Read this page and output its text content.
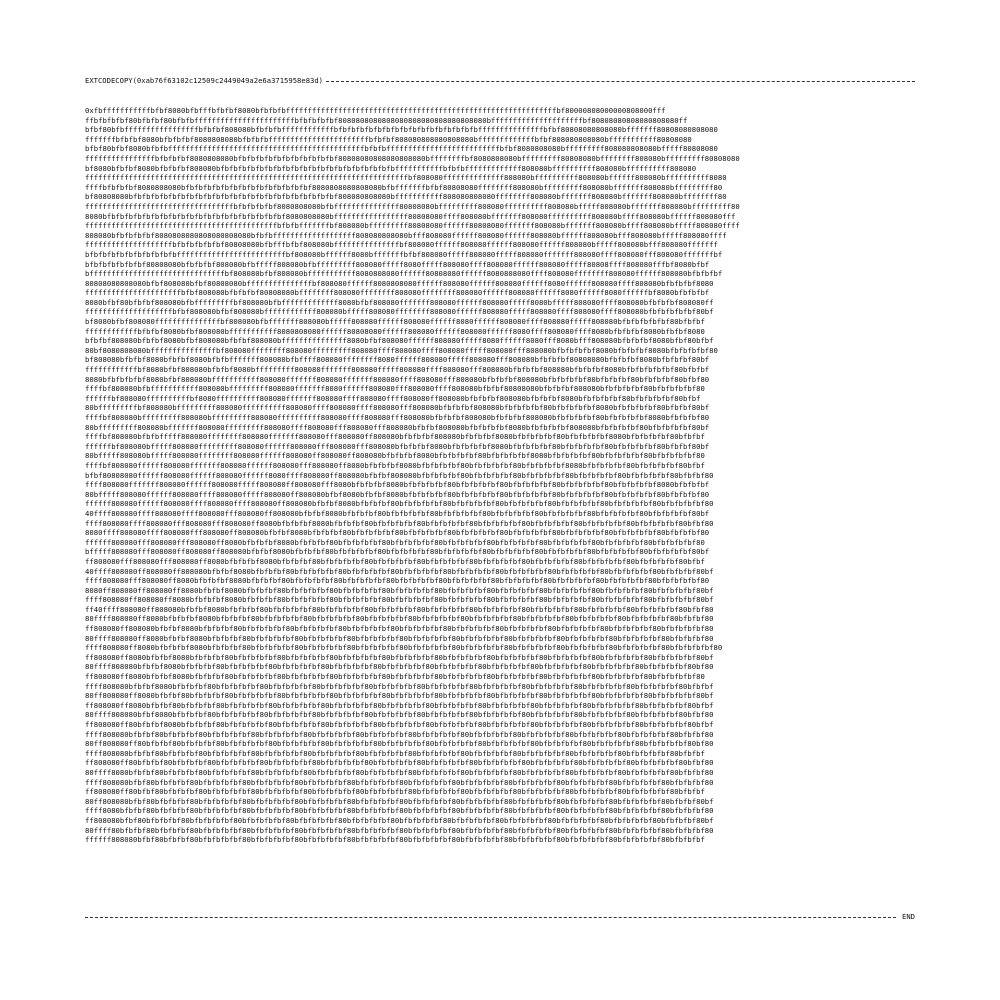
EXTCODECOPY(0xab76f63102c12509c2449049a2e6a3715958e83d)
0xfbfffffffffffbfbf8080bfbfffbfbfbf8080bfbfbfbffffffffffffffffffffffffffffffffffffffffffffffffffffffffffffffbf80000808000000808000fff
ffbfbfbfbf80bfbfbf80bfbfbfffffffffffffffffffffffbfbfbfbfbf8080808080808080808080808080808080bfffffffffffffffffffffbf80808080808080808080ff
bfbf80bfbfffffffffffffffffbfbfbf808080bfbfbfbffffffffffffbfbfbfbfbfbfbfbfbfbfbfbfbfbfbfbfbfffffffffffffffbfbf80808080808080bfffffff80808080808080
fffffffbfbfbf8080bfbfbfbf8080808080bfbfbfbfffffffffffffffffffffffbfbfbf808080808080808080bfffffffffffffbfbf808080808080bfffffffffff80808080
bfbf80bfbf8080bfbfbfffffffffffffffffffffffffffffffffffffffffffffbfbfbffffffffffffffffffffffffffbfbf8080808080bfffffffff808080808080bfffff80808080
ffffffffffffffffbfbfbfbf8080808080bfbfbfbfbfbfbfbfbfbfbfbf80808080808080808080bffffffffbf8080808080bfffffffff80808080bffffffff808080bfffffffff80808080
bf8080bfbfbf8080bfbfbfbf808080bfbfbfbfbfbfbfbfbfbfbfbfbfbfbfbfbfbfbfbfbfffffffffffbfbfbfffffffffffff808080bffffffffff808080bffffffffff808080
ffffffffffffffffffffffffffffffffffffffffffffffffffffffffffffffffffffffffffbf808080ffffffffffffff808080bffffffffff808080bffffff808080bffffffffff8080
ffffbfbfbfbf8080808080bfbfbfbfbfbfbfbfbfbfbfbfbfbfbf8080808080808080bfbfffffffbfbf80808080ffffffff808080bfffffffff808080bfffffff808080bfffffffff80
bf80808080bfbfbfbfbfbfbfbfbfbfbfbfbfbfbfbfbfbfbfbfbfbfbfbf808080808080bfffffffffff808080808080ffffffff808080bfffffff808080bfffffff808080bffffffff80
ffffffffffffffffffffffffffffffffffbfbfbfbfbf8080808080bfbfffffffffffffff80808080bfffffffff808080ffffffffff808080bfffff808080bfffffff808080bfffffffff80
8080bfbfbfbfbfbfbfbfbfbfbfbfbfbfbfbfbfbfbfbfbf8080808080bfffffffffffffffff80808080ffff808080bfffffff808080ffffffffff808080bffff808080bffffff808080fff
ffffffffffffffffffffffffffffffffffffffffffffbfbfbfffffffbf808080bfffffffff80808080ffffff80808080fffffff808080bfffffff808080bffff808080bfffff808080ffff
808080bfbfbfbfbf8080808080808080808080bfbfbfffffffffffffffffff808080808080bfff808080ffffff808080ffffff808080bffffff808080bfff808080bfffff808080ffff
ffffffffffffffffffffbfbfbfbfbfbf80808080bfbfffbfbf808080bfffffffffffffffbf808080ffffff808080ffffff808080ffffff808080bfffff808080bfff808080fffffff
bfbfbfbfbfbfbfbfbfbfbfffffffffffffffffffffffffbf808080bffffff8080bfffffffbfbf808080fffff808080fffff808080fffffff808080ffff808080fff808080fffffffbf
bfbfbfbfbfbfbf80808080bfbfbfbf808080bfbfffff808080bfbfffffffff808080fffff8080fffff808080ffff808080ffffff808080fffff80808ffff808080fffbf8080bfbf
bfffffffffffffffffffffffffffffffbf808080bfbf808080bfffffffffff8080808080ffffff80808080ffffff8080808080ffff808080ffffffff808080ffffff808080bfbfbfbf
80808080808080bfbf808080bfbf80808080bfffffffffffffffbf808080ffffff8080808080ffffff808080ffffff808080ffffff8080ffffff808080ffff808080bfbfbfbf8080
ffffffffffffffffffffffbfbf808080bfbfbfbf80808080bffffffff808080ffffffff808080ffffffff808080ffffff808080ffffff8080ffffff8080ffffffbf8080bfbfbfbf
8080bfbf80bfbfbf808080bfbfffffffffbf808080bfbfffffffffffff8080bfbf808080fffffff808080ffffff808080fffff8080bfffff808080ffff808080bfbfbfbf808080ff
ffffffffffffffffffffbfbf808080bfbf808080bffffffffffff808080bfffff808080ffffffff808080ffffff808080fffff808080ffff808080ffff808080bfbfbfbfbfbf80bf
bf8080bfbf808080fffffffffffffffbf808080bfbfffffff808080bfffff808080ffffff808080ffffff8080ffffff808080ffff808080fffff808080bfbfbfbfbfbf80bfbfbf
ffffffffffffbfbfbf8080bfbf808080bfffffffffff8080808080ffffff80808080ffffff808080ffffff808080ffffff8080ffff808080ffff8080bfbfbfbf8080bfbfbf8080
bfbfbf808080bfbfbf8080bfbf808080bfbfbf808080bfffffffffffffff8080bfbf808080ffffff808080fffff8080ffffff8080fff8080bfff808080bfbfbfbf8080bfbf80bfbf
80bf8080808080bfffffffffffffffbf808080ffffffff808080fffffffff808080ffff808080ffff808080fffff808080fff808080bfbfbfbfbf8080bfbfbfbf8080bfbfbfbfbf80
bf808080bfbfbf8080bfbfbf8080bfbfbfffffff808080bfbffff808080ffffffff8080ffffff808080fffff808080fff808080bfbfbfbf80808080bfbfbfbf8080bfbfbfbf80bf
ffffffffffffbf8080bfbf808080bfbfbf8080bfffffffff808080fffffff808080fffff808080ffff808080fff808080bfbfbfbf808080bfbfbfbf8080bfbfbfbfbfbf80bfbfbf
8080bfbfbfbfbf8080bfbf808080bfffffffffff808080fffffff808080fffffff808080ffff808080fff808080bfbfbfbf808080bfbfbfbfbf80bfbfbfbf80bfbfbfbf80bfbf80
ffffbf808080bfbfffffffffff808080bfffffffff808080fffffff8080ffffff808080fff808080ffff808080bfbfbf80808080bfbfbfbf808080bfbfbfbfbf80bfbfbfbfbf80
ffffffbf808080ffffffffffbf8080ffffffffff808080fffffff808080ffff808080ffff808080ff808080bfbfbfbf808080bfbfbfbf8080bfbfbfbfbf80bfbfbfbfbf80bfbf
80bfffffffffbf808080bfffffffff808080ffffffffff808080ffff808080ffff808080fff808080bfbfbfbf808080bfbfbfbfbf80bfbfbfbfbf8080bfbfbfbfbf80bfbfbf80bf
ffffbf808080bfffffffff808080bfffffffff808080ffffffffff808080ffff808080fff808080bfbfbfbf808080bfbfbfbf808080bfbfbfbfbf80bfbfbfbfbf8080bfbfbfbf80
80bfffffffff808080bfffffff808080fffffffff808080ffff808080fff808080fff808080bfbfbf808080bfbfbfbfbf8080bfbfbfbfbf808080bfbfbfbfbf80bfbfbfbfbf80bf
ffffbf808080bfbfbfffff808080ffffffff808080fffffff808080fff808080ff808080bfbfbfbf808080bfbfbfbf8080bfbfbfbfbf80bfbfbfbfbf8080bfbfbfbfbf80bfbfbf
ffffffbf808080bfffff808080fffffffff808080ffffff808080fff808080fff808080bfbfbfbf8080bfbfbfbfbf8080bfbfbfbfbf80bfbfbfbfbf80bfbfbfbfbf80bfbfbf80bf
80bfffff808080bfffff808080ffffffff808080ffffff808080ff808080ff808080bfbfbfbf8080bfbfbfbfbf80bfbfbfbfbf8080bfbfbfbfbf80bfbfbfbfbf80bfbfbfbfbf80
ffffbf808080ffffff808080fffffff808080ffffff808080fff808080ff8080bfbfbfbf8080bfbfbfbfbf80bfbfbfbfbf80bfbfbfbfbf8080bfbfbfbfbf80bfbfbfbfbf80bfbf
bfbf80808080ffffff808080ffffff808080ffffff8080ffff808080ff808080bfbfbf808080bfbfbfbfbf80bfbfbfbfbf80bfbfbfbfbf80bfbfbfbfbf80bfbfbfbfbf80bfbfbf80
ffff808080fffffff808080ffffff808080fffff808080ff808080fff8080bfbfbfbf8080bfbfbfbfbf80bfbfbfbfbf80bfbfbfbfbf80bfbfbfbfbf80bfbfbfbfbf8080bfbfbfbf
80bfffff808080ffffff808080ffff808080fffff808080ff808080bfbf8080bfbfbf8080bfbfbfbfbf80bfbfbfbfbf80bfbfbfbfbf80bfbfbfbfbf80bfbfbfbfbf80bfbfbfbf80
ffffff808080ffffff808080ffff808080ffff808080ff808080bfbfbf8080bfbfbfbf80bfbfbfbfbf80bfbfbfbfbf80bfbfbfbfbf80bfbfbfbfbf80bfbfbfbfbf80bfbfbfbfbf80
40ffff808080ffff808080ffff808080fff808080ff808080bfbfbf8080bfbfbfbf80bfbfbfbfbf80bfbfbfbfbf80bfbfbfbfbf80bfbfbfbfbf80bfbfbfbfbf80bfbfbfbfbf80bf
ffff808080ffff808080fff808080fff808080ff8080bfbfbfbf8080bfbfbfbf80bfbfbfbfbf80bfbfbfbfbf80bfbfbfbfbf80bfbfbfbfbf80bfbfbfbfbf80bfbfbfbfbf80bfbf80
8080ffff808080ffff808080fff808080ff808080bfbfbf8080bfbfbfbf80bfbfbfbfbf80bfbfbfbfbf80bfbfbfbfbf80bfbfbfbfbf80bfbfbfbfbf80bfbfbfbfbf80bfbfbfbf80
ffffff808080fff808080fff808080ff8080bfbfbfbf8080bfbfbfbf80bfbfbfbfbf80bfbfbfbfbf80bfbfbfbfbf80bfbfbfbfbf80bfbfbfbfbf80bfbfbfbfbf80bfbfbfbfbf80
bfffff808080fff808080ff808080ff808080bfbfbf8080bfbfbfbf80bfbfbfbfbf80bfbfbfbfbf80bfbfbfbfbf80bfbfbfbfbf80bfbfbfbfbf80bfbfbfbfbf80bfbfbfbfbf80bf
ff808080fff808080fff808080ff8080bfbfbfbf8080bfbfbfbf80bfbfbfbfbf80bfbfbfbfbf80bfbfbfbfbf80bfbfbfbfbf80bfbfbfbfbf80bfbfbfbfbf80bfbfbfbfbf80bfbf
40ffff808080ff808080ff808080bfbfbf8080bfbfbfbf80bfbfbfbfbf80bfbfbfbfbf80bfbfbfbfbf80bfbfbfbfbf80bfbfbfbfbf80bfbfbfbfbf80bfbfbfbfbf80bfbfbfbf80bf
ffff808080fff808080ff8080bfbfbfbf8080bfbfbfbf80bfbfbfbfbf80bfbfbfbfbf80bfbfbfbfbf80bfbfbfbfbf80bfbfbfbfbf80bfbfbfbfbf80bfbfbfbfbf80bfbfbfbfbf80
8080ff808080ff808080ff8080bfbfbf8080bfbfbfbf80bfbfbfbfbf80bfbfbfbfbf80bfbfbfbfbf80bfbfbfbfbf80bfbfbfbfbf80bfbfbfbfbf80bfbfbfbfbf80bfbfbfbfbf80bf
ffff808080ff808080ff8080bfbfbfbf8080bfbfbfbf80bfbfbfbfbf80bfbfbfbfbf80bfbfbfbfbf80bfbfbfbfbf80bfbfbfbfbf80bfbfbfbfbf80bfbfbfbfbf80bfbfbfbfbf80bf
ff40ffff808080ff808080bfbfbf8080bfbfbfbf80bfbfbfbfbf80bfbfbfbfbf80bfbfbfbfbf80bfbfbfbfbf80bfbfbfbfbf80bfbfbfbfbf80bfbfbfbfbf80bfbfbfbfbf80bfbf80
80ffff808080ff8080bfbfbfbf8080bfbfbfbf80bfbfbfbfbf80bfbfbfbfbf80bfbfbfbfbf80bfbfbfbfbf80bfbfbfbfbf80bfbfbfbfbf80bfbfbfbfbf80bfbfbfbfbf80bfbfbf80
ff808080ff808080bfbfbf8080bfbfbfbf80bfbfbfbfbf80bfbfbfbfbf80bfbfbfbfbf80bfbfbfbfbf80bfbfbfbfbf80bfbfbfbfbf80bfbfbfbfbf80bfbfbfbfbf80bfbfbfbfbf80
80ffff808080ff8080bfbfbf8080bfbfbfbf80bfbfbfbfbf80bfbfbfbfbf80bfbfbfbfbf80bfbfbfbfbf80bfbfbfbfbf80bfbfbfbfbf80bfbfbfbfbf80bfbfbfbfbf80bfbfbfbf80
ffff808080ff8080bfbfbfbf8080bfbfbfbf80bfbfbfbfbf80bfbfbfbfbf80bfbfbfbfbf80bfbfbfbfbf80bfbfbfbfbf80bfbfbfbfbf80bfbfbfbfbf80bfbfbfbfbf80bfbfbfbfbf80
ff808080ff8080bfbfbf8080bfbfbfbf80bfbfbfbfbf80bfbfbfbfbf80bfbfbfbfbf80bfbfbfbfbf80bfbfbfbfbf80bfbfbfbfbf80bfbfbfbfbf80bfbfbfbfbf80bfbfbfbfbf80bf
80ffff808080bfbfbf8080bfbfbfbf80bfbfbfbfbf80bfbfbfbfbf80bfbfbfbfbf80bfbfbfbfbf80bfbfbfbfbf80bfbfbfbfbf80bfbfbfbfbf80bfbfbfbfbf80bfbfbfbfbf80bf80
ff808080ff8080bfbfbf8080bfbfbfbf80bfbfbfbfbf80bfbfbfbfbf80bfbfbfbfbf80bfbfbfbfbf80bfbfbfbfbf80bfbfbfbfbf80bfbfbfbfbf80bfbfbfbfbf80bfbfbfbfbf80
ffff808080bfbfbf8080bfbfbfbf80bfbfbfbfbf80bfbfbfbfbf80bfbfbfbfbf80bfbfbfbfbf80bfbfbfbfbf80bfbfbfbfbf80bfbfbfbfbf80bfbfbfbfbf80bfbfbfbfbf80bfbfbf
80ff808080ff8080bfbfbf80bfbfbfbf80bfbfbfbfbf80bfbfbfbfbf80bfbfbfbfbf80bfbfbfbfbf80bfbfbfbfbf80bfbfbfbfbf80bfbfbfbfbf80bfbfbfbfbf80bfbfbfbfbf80bf
ff808080ff8080bfbfbf80bfbfbfbf80bfbfbfbfbf80bfbfbfbfbf80bfbfbfbfbf80bfbfbfbfbf80bfbfbfbfbf80bfbfbfbfbf80bfbfbfbfbf80bfbfbfbfbf80bfbfbfbfbf80bfbf
80ffff808080bfbf8080bfbfbfbf80bfbfbfbfbf80bfbfbfbfbf80bfbfbfbfbf80bfbfbfbfbf80bfbfbfbfbf80bfbfbfbfbf80bfbfbfbfbf80bfbfbfbfbf80bfbfbfbfbf80bfbf80
ff808080ff80bfbfbf8080bfbfbfbf80bfbfbfbfbf80bfbfbfbfbf80bfbfbfbfbf80bfbfbfbfbf80bfbfbfbfbf80bfbfbfbfbf80bfbfbfbfbf80bfbfbfbfbf80bfbfbfbfbf80bfbf
ffff808080bfbfbf80bfbfbfbf80bfbfbfbfbf80bfbfbfbfbf80bfbfbfbfbf80bfbfbfbfbf80bfbfbfbfbf80bfbfbfbfbf80bfbfbfbfbf80bfbfbfbfbf80bfbfbfbfbf80bfbfbf80
80ff808080ff80bfbfbf80bfbfbfbf80bfbfbfbfbf80bfbfbfbfbf80bfbfbfbfbf80bfbfbfbfbf80bfbfbfbfbf80bfbfbfbfbf80bfbfbfbfbf80bfbfbfbfbf80bfbfbfbfbf80bf80
ffff808080bfbfbf80bfbfbfbf80bfbfbfbfbf80bfbfbfbfbf80bfbfbfbfbf80bfbfbfbfbf80bfbfbfbfbf80bfbfbfbfbf80bfbfbfbfbf80bfbfbfbfbf80bfbfbfbfbf80bfbfbf
ff808080ff80bfbfbf80bfbfbfbf80bfbfbfbfbf80bfbfbfbfbf80bfbfbfbfbf80bfbfbfbfbf80bfbfbfbfbf80bfbfbfbfbf80bfbfbfbfbf80bfbfbfbfbf80bfbfbfbfbf80bfbf80
80ffff8080bfbfbf80bfbfbfbf80bfbfbfbfbf80bfbfbfbfbf80bfbfbfbfbf80bfbfbfbfbf80bfbfbfbfbf80bfbfbfbfbf80bfbfbfbfbf80bfbfbfbfbf80bfbfbfbfbf80bfbfbf80
ffff808080bfbf80bfbfbfbf80bfbfbfbfbf80bfbfbfbfbf80bfbfbfbfbf80bfbfbfbfbf80bfbfbfbfbf80bfbfbfbfbf80bfbfbfbfbf80bfbfbfbfbf80bfbfbfbfbf80bfbfbfbf80
ff808080ff80bfbf80bfbfbfbf80bfbfbfbfbf80bfbfbfbfbf80bfbfbfbfbf80bfbfbfbfbf80bfbfbfbfbf80bfbfbfbfbf80bfbfbfbfbf80bfbfbfbfbf80bfbfbfbfbf80bfbfbf
80ff808080bfbf80bfbfbfbf80bfbfbfbfbf80bfbfbfbfbf80bfbfbfbfbf80bfbfbfbfbf80bfbfbfbfbf80bfbfbfbfbf80bfbfbfbfbf80bfbfbfbfbf80bfbfbfbfbf80bfbfbf80bf
ffff8080bfbfbf80bfbfbfbf80bfbfbfbfbf80bfbfbfbfbf80bfbfbfbfbf80bfbfbfbfbf80bfbfbfbfbf80bfbfbfbfbf80bfbfbfbfbf80bfbfbfbfbf80bfbfbfbfbf80bfbfbfbf80
ff808080bfbf80bfbfbfbf80bfbfbfbfbf80bfbfbfbfbf80bfbfbfbfbf80bfbfbfbfbf80bfbfbfbfbf80bfbfbfbfbf80bfbfbfbfbf80bfbfbfbfbf80bfbfbfbfbf80bfbfbfbf80bf
80ffff80bfbfbf80bfbfbfbf80bfbfbfbfbf80bfbfbfbfbf80bfbfbfbfbf80bfbfbfbfbf80bfbfbfbfbf80bfbfbfbfbf80bfbfbfbfbf80bfbfbfbfbf80bfbfbfbfbf80bfbfbfbf80
ffffff808080bfbf80bfbfbf80bfbfbfbfbf80bfbfbfbfbf80bfbfbfbfbf80bfbfbfbfbf80bfbfbfbfbf80bfbfbfbfbf80bfbfbfbfbf80bfbfbfbfbf80bfbfbfbfbf80bfbfbfbf
END
